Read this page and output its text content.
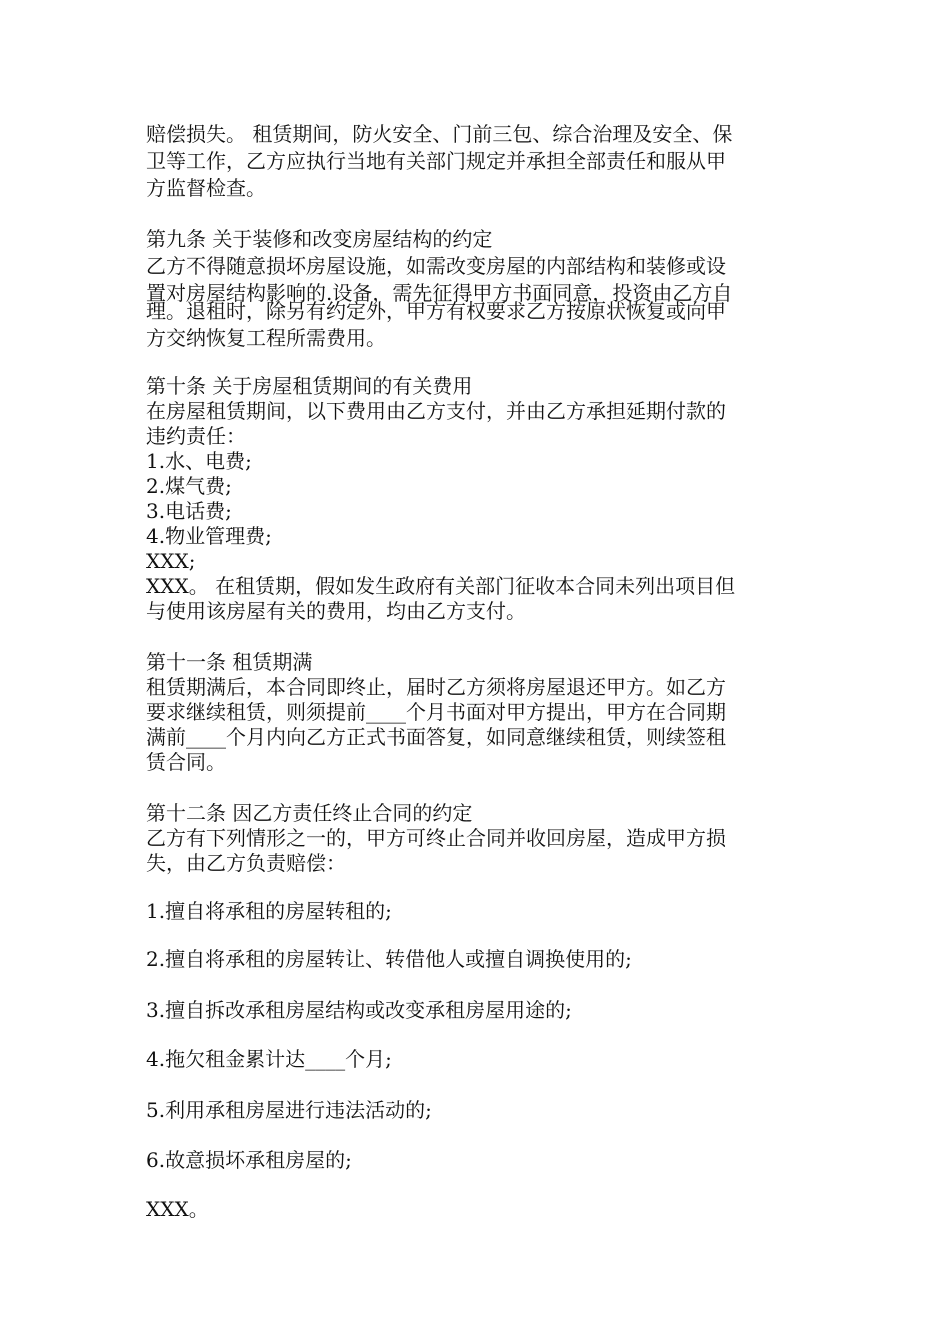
赔偿损失。 租赁期间，防火安全、门前三包、综合治理及安全、保
卫等工作，乙方应执行当地有关部门规定并承担全部责任和服从甲
方监督检查。
第九条 关于装修和改变房屋结构的约定
乙方不得随意损坏房屋设施，如需改变房屋的内部结构和装修或设
置对房屋结构影响的.设备，需先征得甲方书面同意，投资由乙方自
理。退租时，除另有约定外，甲方有权要求乙方按原状恢复或向甲
方交纳恢复工程所需费用。
第十条 关于房屋租赁期间的有关费用
在房屋租赁期间，以下费用由乙方支付，并由乙方承担延期付款的
违约责任：
1.水、电费;
2.煤气费;
3.电话费;
4.物业管理费;
XXX;
XXX。 在租赁期，假如发生政府有关部门征收本合同未列出项目但
与使用该房屋有关的费用，均由乙方支付。
第十一条 租赁期满
租赁期满后，本合同即终止，届时乙方须将房屋退还甲方。如乙方
要求继续租赁，则须提前____个月书面对甲方提出，甲方在合同期
满前____个月内向乙方正式书面答复，如同意继续租赁，则续签租
赁合同。
第十二条 因乙方责任终止合同的约定
乙方有下列情形之一的，甲方可终止合同并收回房屋，造成甲方损
失，由乙方负责赔偿：
1.擅自将承租的房屋转租的;
2.擅自将承租的房屋转让、转借他人或擅自调换使用的;
3.擅自拆改承租房屋结构或改变承租房屋用途的;
4.拖欠租金累计达____个月;
5.利用承租房屋进行违法活动的;
6.故意损坏承租房屋的;
XXX。
